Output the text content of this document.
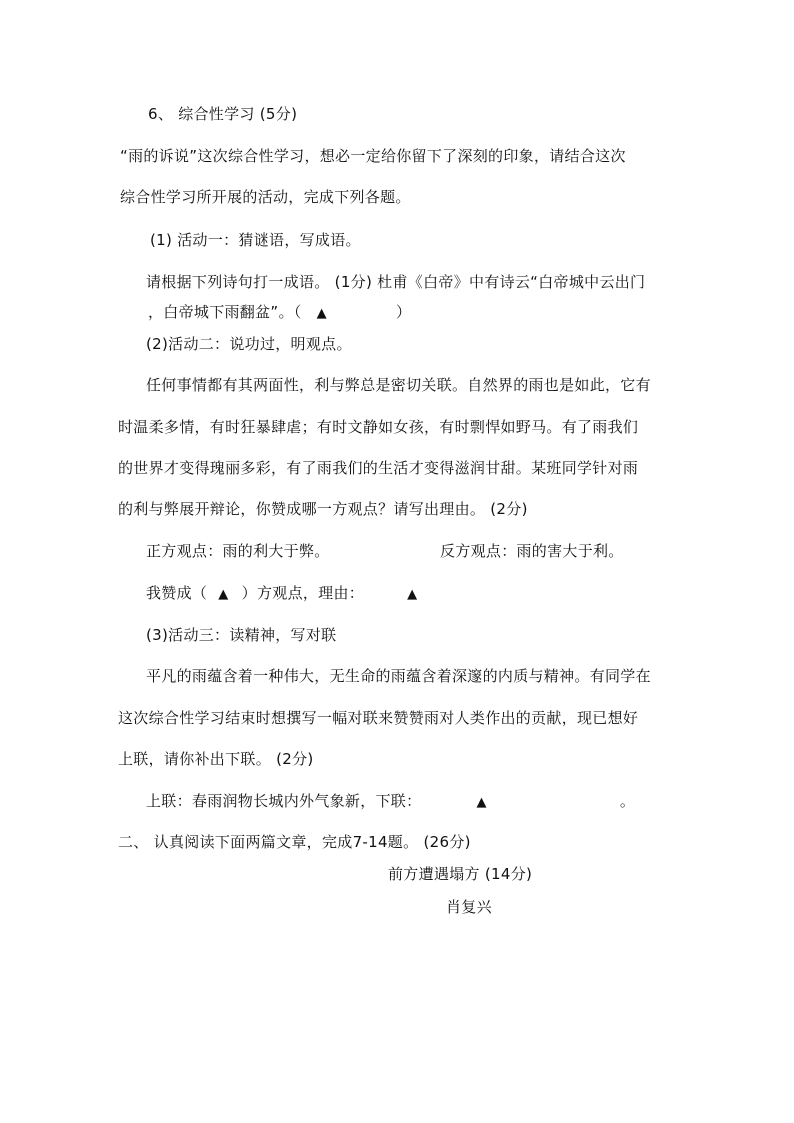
6、 综合性学习 (5分)
“雨的诉说”这次综合性学习，想必一定给你留下了深刻的印象，请结合这次
综合性学习所开展的活动，完成下列各题。
(1) 活动一：猜谜语，写成语。
请根据下列诗句打一成语。 (1分) 杜甫《白帝》中有诗云“白帝城中云出门
，白帝城下雨翻盆”。（ ▲	）
(2)活动二：说功过，明观点。
任何事情都有其两面性，利与弊总是密切关联。自然界的雨也是如此，它有
时温柔多情，有时狂暴肆虐；有时文静如女孩，有时剽悍如野马。有了雨我们
的世界才变得瑰丽多彩，有了雨我们的生活才变得滋润甘甜。某班同学针对雨
的利与弊展开辩论，你赞成哪一方观点？请写出理由。 (2分)
正方观点：雨的利大于弊。	反方观点：雨的害大于利。
我赞成（ ▲ ）方观点，理由：	▲
(3)活动三：读精神，写对联
平凡的雨蕴含着一种伟大，无生命的雨蕴含着深邃的内质与精神。有同学在
这次综合性学习结束时想撰写一幅对联来赞赞雨对人类作出的贡献，现已想好
上联，请你补出下联。 (2分)
上联：春雨润物长城内外气象新，下联：	▲	。
二、 认真阅读下面两篇文章，完成7-14题。 (26分)
前方遭遇塌方 (14分)
肖复兴
